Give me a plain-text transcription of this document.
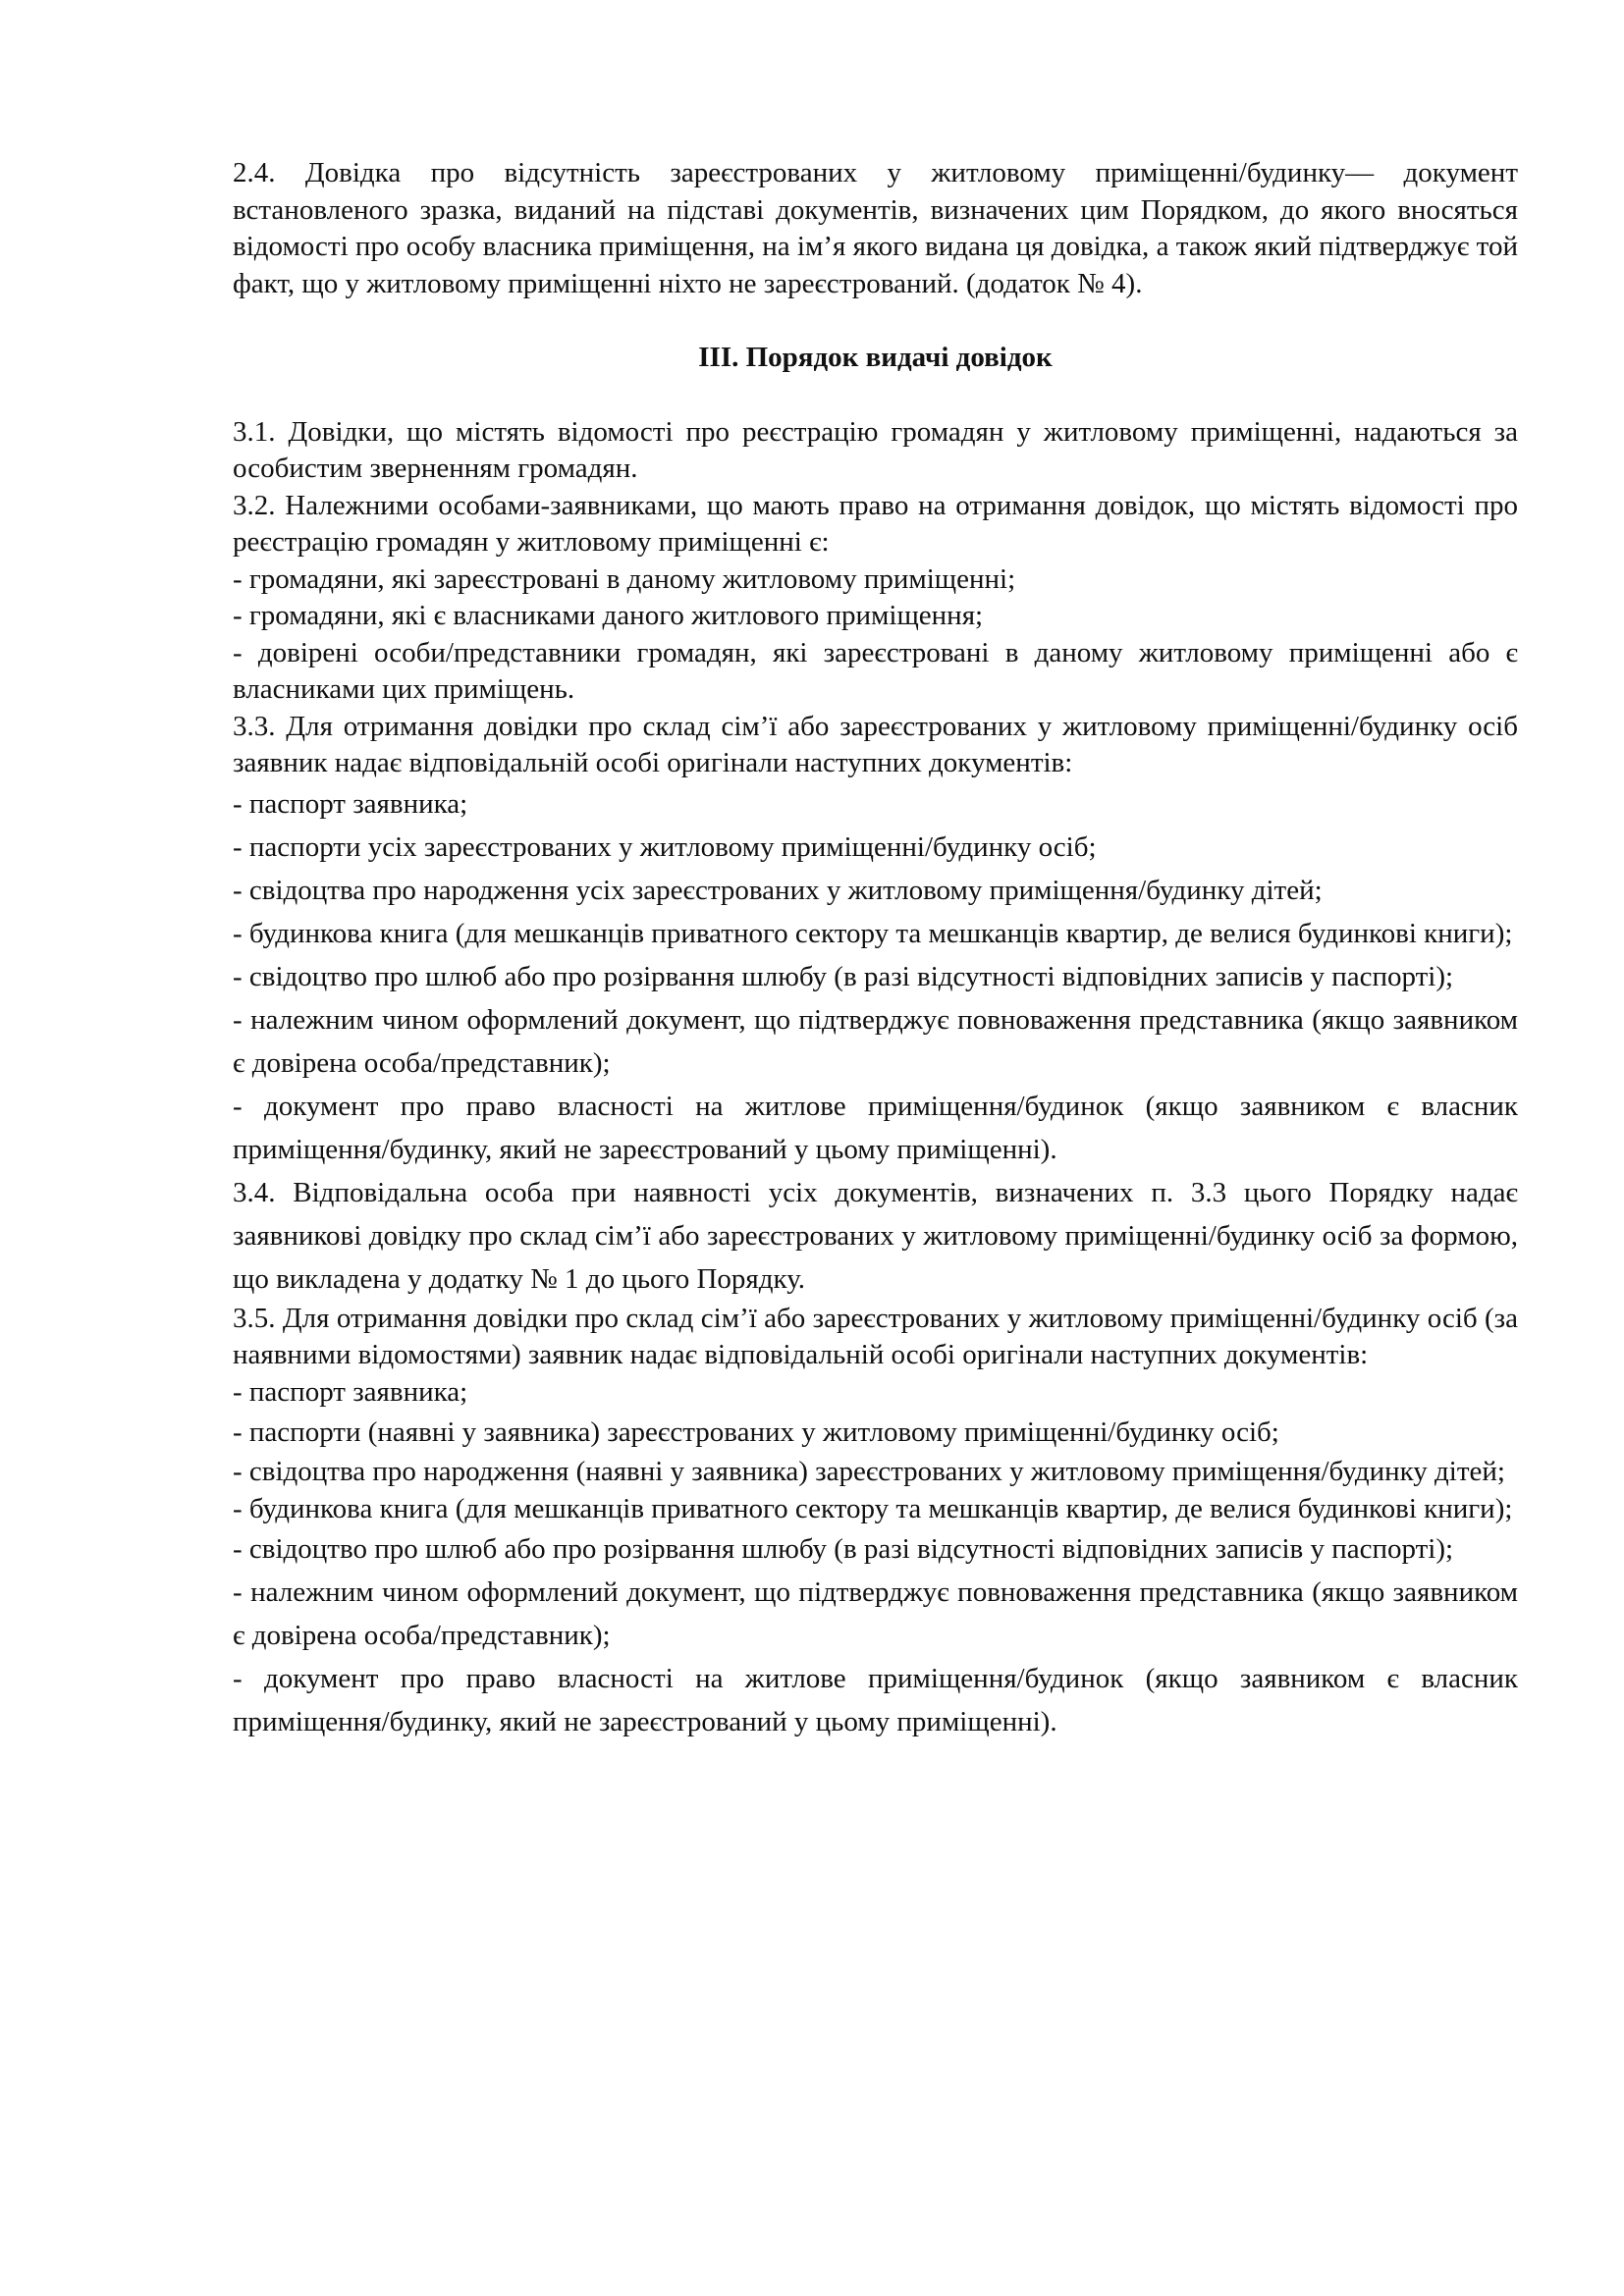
2.4. Довідка про відсутність зареєстрованих у житловому приміщенні/будинку— документ встановленого зразка, виданий на підставі документів, визначених цим Порядком, до якого вносяться відомості про особу власника приміщення, на ім’я якого видана ця довідка, а також який підтверджує той факт, що у житловому приміщенні ніхто не зареєстрований. (додаток № 4).

ІІІ. Порядок видачі довідок

3.1. Довідки, що містять відомості про реєстрацію громадян у житловому приміщенні, надаються за особистим зверненням громадян.

3.2. Належними особами-заявниками, що мають право на отримання довідок, що містять відомості про реєстрацію громадян у житловому приміщенні є:

- громадяни, які зареєстровані в даному житловому приміщенні;

- громадяни, які є власниками даного житлового приміщення;

- довірені особи/представники громадян, які зареєстровані в даному житловому приміщенні або є власниками цих приміщень.

3.3. Для отримання довідки про склад сім’ї або зареєстрованих у житловому приміщенні/будинку осіб заявник надає відповідальній особі оригінали наступних документів:

- паспорт заявника;

- паспорти усіх зареєстрованих у житловому приміщенні/будинку осіб;

- свідоцтва про народження усіх зареєстрованих у житловому приміщення/будинку дітей;

- будинкова книга (для мешканців приватного сектору та мешканців квартир, де велися будинкові книги);

- свідоцтво про шлюб або про розірвання шлюбу (в разі відсутності відповідних записів у паспорті);

- належним чином оформлений документ, що підтверджує повноваження представника (якщо заявником є довірена особа/представник);

- документ про право власності на житлове приміщення/будинок (якщо заявником є власник приміщення/будинку, який не зареєстрований у цьому приміщенні).

3.4. Відповідальна особа при наявності усіх документів, визначених п. 3.3 цього Порядку надає заявникові довідку про склад сім’ї або зареєстрованих у житловому приміщенні/будинку осіб за формою, що викладена у додатку № 1 до цього Порядку.

3.5. Для отримання довідки про склад сім’ї або зареєстрованих у житловому приміщенні/будинку осіб (за наявними відомостями) заявник надає відповідальній особі оригінали наступних документів:

- паспорт заявника;

- паспорти (наявні у заявника) зареєстрованих у житловому приміщенні/будинку осіб;

- свідоцтва про народження (наявні у заявника) зареєстрованих у житловому приміщення/будинку дітей;

- будинкова книга (для мешканців приватного сектору та мешканців квартир, де велися будинкові книги);

- свідоцтво про шлюб або про розірвання шлюбу (в разі відсутності відповідних записів у паспорті);

- належним чином оформлений документ, що підтверджує повноваження представника (якщо заявником є довірена особа/представник);

- документ про право власності на житлове приміщення/будинок (якщо заявником є власник приміщення/будинку, який не зареєстрований у цьому приміщенні).
